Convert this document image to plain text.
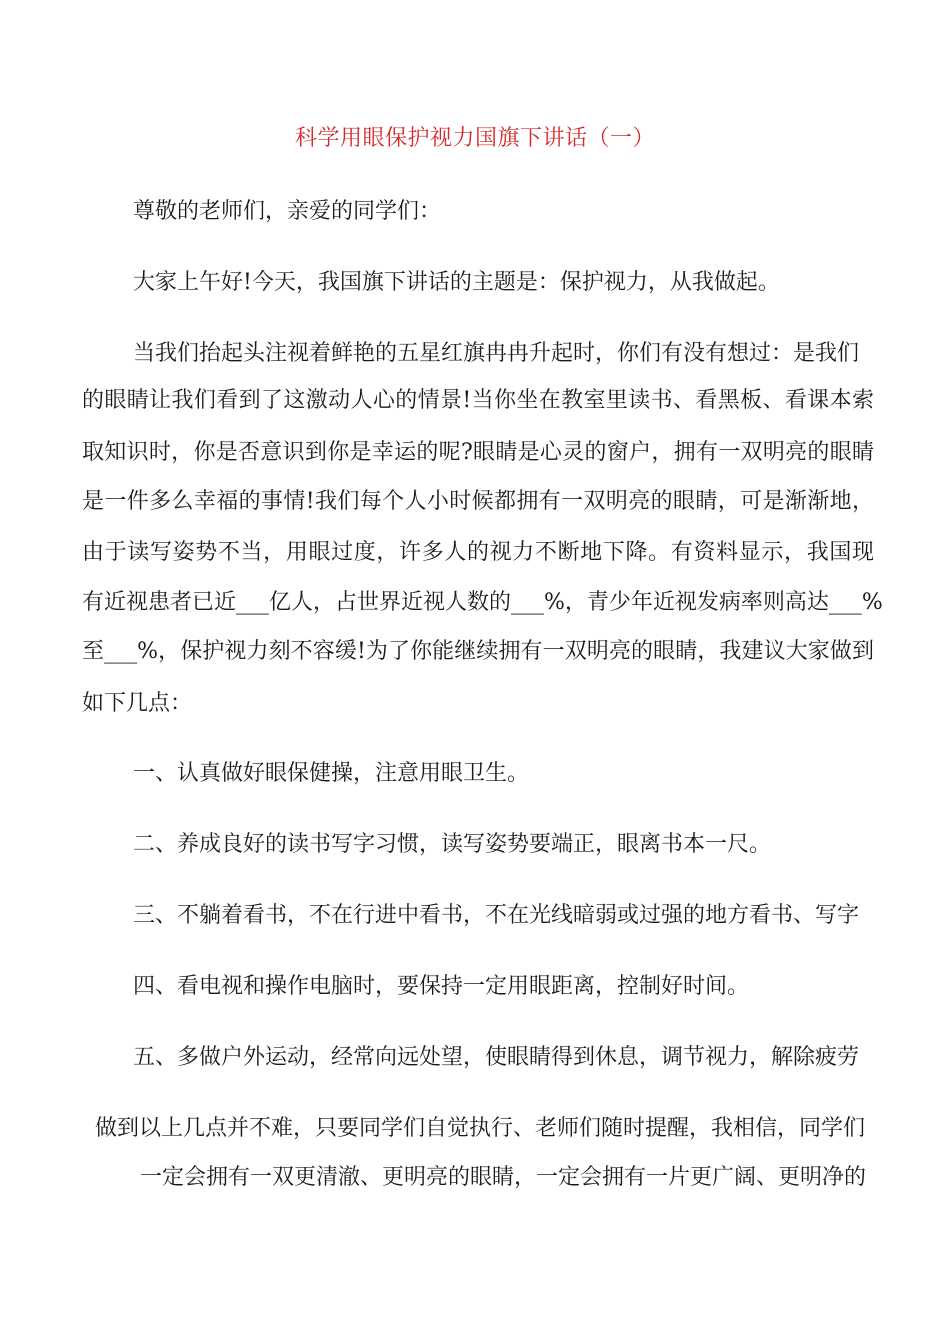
科学用眼保护视力国旗下讲话（一）
尊敬的老师们，亲爱的同学们：
大家上午好!今天，我国旗下讲话的主题是：保护视力，从我做起。
当我们抬起头注视着鲜艳的五星红旗冉冉升起时，你们有没有想过：是我们
的眼睛让我们看到了这激动人心的情景!当你坐在教室里读书、看黑板、看课本索
取知识时，你是否意识到你是幸运的呢?眼睛是心灵的窗户，拥有一双明亮的眼睛
是一件多么幸福的事情!我们每个人小时候都拥有一双明亮的眼睛，可是渐渐地，
由于读写姿势不当，用眼过度，许多人的视力不断地下降。有资料显示，我国现
有近视患者已近___亿人，占世界近视人数的___%，青少年近视发病率则高达___%
至___%，保护视力刻不容缓!为了你能继续拥有一双明亮的眼睛，我建议大家做到
如下几点：
一、认真做好眼保健操，注意用眼卫生。
二、养成良好的读书写字习惯，读写姿势要端正，眼离书本一尺。
三、不躺着看书，不在行进中看书，不在光线暗弱或过强的地方看书、写字
四、看电视和操作电脑时，要保持一定用眼距离，控制好时间。
五、多做户外运动，经常向远处望，使眼睛得到休息，调节视力，解除疲劳
做到以上几点并不难，只要同学们自觉执行、老师们随时提醒，我相信，同学们
一定会拥有一双更清澈、更明亮的眼睛，一定会拥有一片更广阔、更明净的
